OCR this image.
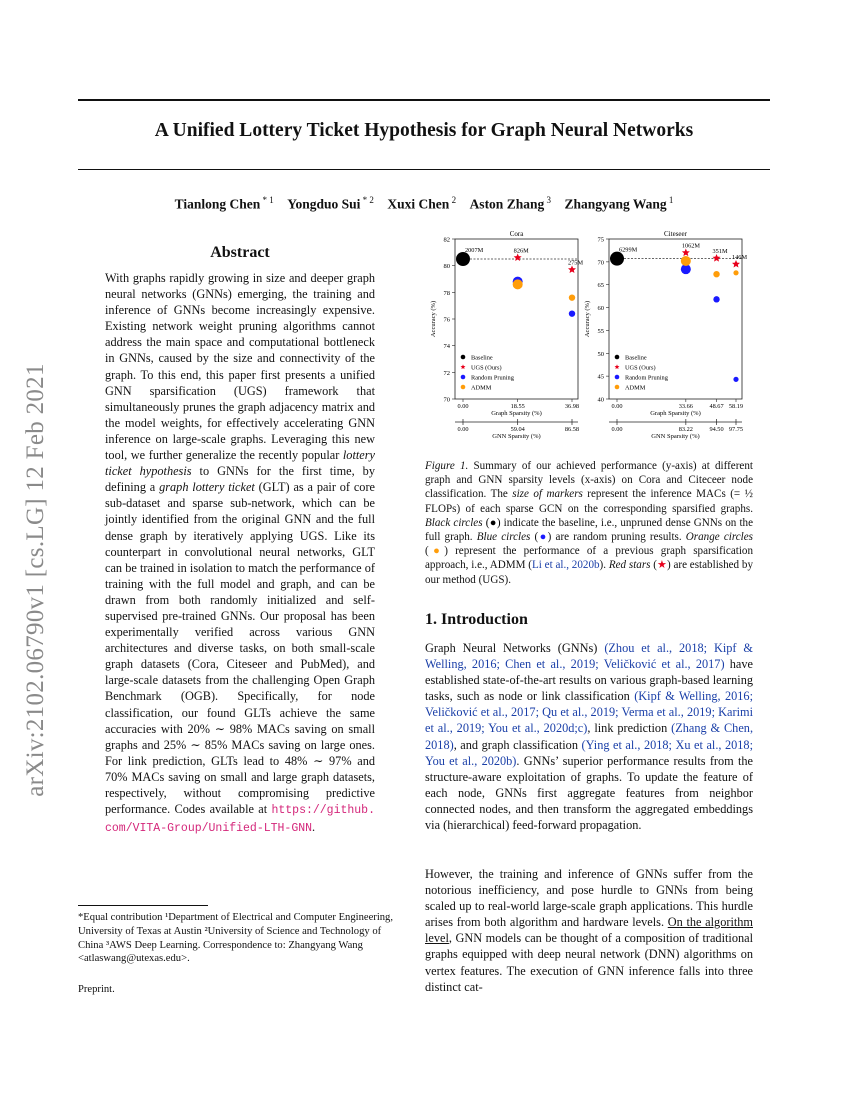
A Unified Lottery Ticket Hypothesis for Graph Neural Networks
Tianlong Chen $^{* 1}$  Yongduo Sui $^{* 2}$  Xuxi Chen $^2$  Aston Zhang $^3$  Zhangyang Wang $^1$
arXiv:2102.06790v1 [cs.LG] 12 Feb 2021
Abstract
With graphs rapidly growing in size and deeper graph neural networks (GNNs) emerging, the training and inference of GNNs become increasingly expensive. Existing network weight pruning algorithms cannot address the main space and computational bottleneck in GNNs, caused by the size and connectivity of the graph. To this end, this paper first presents a unified GNN sparsification (UGS) framework that simultaneously prunes the graph adjacency matrix and the model weights, for effectively accelerating GNN inference on large-scale graphs. Leveraging this new tool, we further generalize the recently popular lottery ticket hypothesis to GNNs for the first time, by defining a graph lottery ticket (GLT) as a pair of core sub-dataset and sparse sub-network, which can be jointly identified from the original GNN and the full dense graph by iteratively applying UGS. Like its counterpart in convolutional neural networks, GLT can be trained in isolation to match the performance of training with the full model and graph, and can be drawn from both randomly initialized and self-supervised pre-trained GNNs. Our proposal has been experimentally verified across various GNN architectures and diverse tasks, on both small-scale graph datasets (Cora, Citeseer and PubMed), and large-scale datasets from the challenging Open Graph Benchmark (OGB). Specifically, for node classification, our found GLTs achieve the same accuracies with 20% ∼ 98% MACs saving on small graphs and 25% ∼ 85% MACs saving on large ones. For link prediction, GLTs lead to 48% ∼ 97% and 70% MACs saving on small and large graph datasets, respectively, without compromising predictive performance. Codes available at https://github. com/VITA-Group/Unified-LTH-GNN.
*Equal contribution ¹Department of Electrical and Computer Engineering, University of Texas at Austin ²University of Science and Technology of China ³AWS Deep Learning. Correspondence to: Zhangyang Wang <atlaswang@utexas.edu>.
Preprint.
Cora
70
72
74
76
78
80
82
Accuracy (%)
0.00	18.55	36.98
Graph Sparsity (%)
0.00	59.04	86.58
GNN Sparsity (%)
2007M	826M
275M
Baseline
UGS (Ours)
Random Pruning
ADMM
Citeseer
40
45
50
55
60
65
70
75
Accuracy (%)
0.00	33.66	48.67 58.19
Graph Sparsity (%)
0.00	83.22	94.50 97.75
GNN Sparsity (%)
6299M
1062M
351M
146M
Baseline
UGS (Ours)
Random Pruning
ADMM
Figure 1. Summary of our achieved performance (y-axis) at different graph and GNN sparsity levels (x-axis) on Cora and Citeceer node classification. The size of markers represent the inference MACs (= ½ FLOPs) of each sparse GCN on the corresponding sparsified graphs. Black circles (●) indicate the baseline, i.e., unpruned dense GNNs on the full graph. Blue circles (●) are random pruning results. Orange circles (●) represent the performance of a previous graph sparsification approach, i.e., ADMM (Li et al., 2020b). Red stars (★) are established by our method (UGS).
1. Introduction

Graph Neural Networks (GNNs) (Zhou et al., 2018; Kipf & Welling, 2016; Chen et al., 2019; Veličković et al., 2017) have established state-of-the-art results on various graph-based learning tasks, such as node or link classification (Kipf & Welling, 2016; Veličković et al., 2017; Qu et al., 2019; Verma et al., 2019; Karimi et al., 2019; You et al., 2020d;c), link prediction (Zhang & Chen, 2018), and graph classification (Ying et al., 2018; Xu et al., 2018; You et al., 2020b). GNNs’ superior performance results from the structure-aware exploitation of graphs. To update the feature of each node, GNNs first aggregate features from neighbor connected nodes, and then transform the aggregated embeddings via (hierarchical) feed-forward propagation.

However, the training and inference of GNNs suffer from the notorious inefficiency, and pose hurdle to GNNs from being scaled up to real-world large-scale graph applications. This hurdle arises from both algorithm and hardware levels. On the algorithm level, GNN models can be thought of a composition of traditional graphs equipped with deep neural network (DNN) algorithms on vertex features. The execution of GNN inference falls into three distinct cat-
